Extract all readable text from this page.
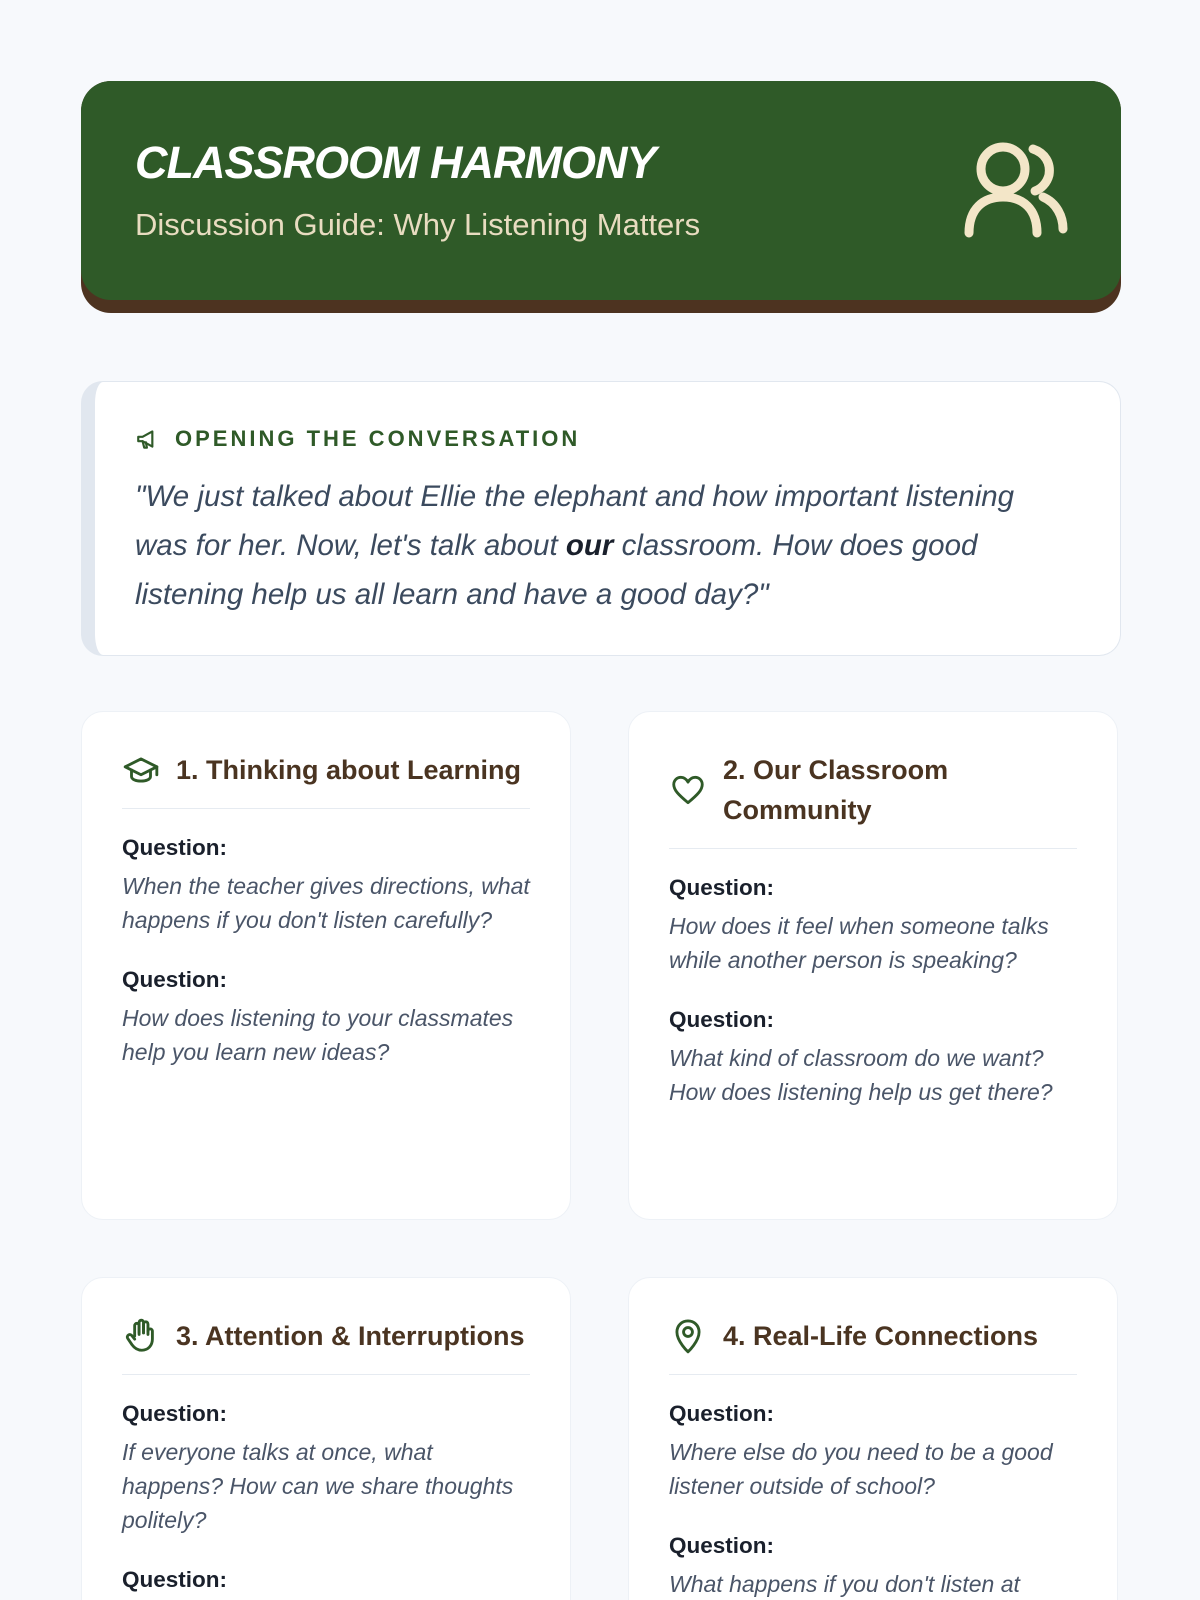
CLASSROOM HARMONY
Discussion Guide: Why Listening Matters
OPENING THE CONVERSATION

"We just talked about Ellie the elephant and how important listening was for her. Now, let's talk about our classroom. How does good listening help us all learn and have a good day?"

1. Thinking about Learning
Question:
When the teacher gives directions, what happens if you don't listen carefully?
Question:
How does listening to your classmates help you learn new ideas?
2. Our Classroom Community
Question:
How does it feel when someone talks while another person is speaking?
Question:
What kind of classroom do we want? How does listening help us get there?
3. Attention & Interruptions
Question:
If everyone talks at once, what happens? How can we share thoughts politely?
Question:
4. Real-Life Connections
Question:
Where else do you need to be a good listener outside of school?
Question:
What happens if you don't listen at
